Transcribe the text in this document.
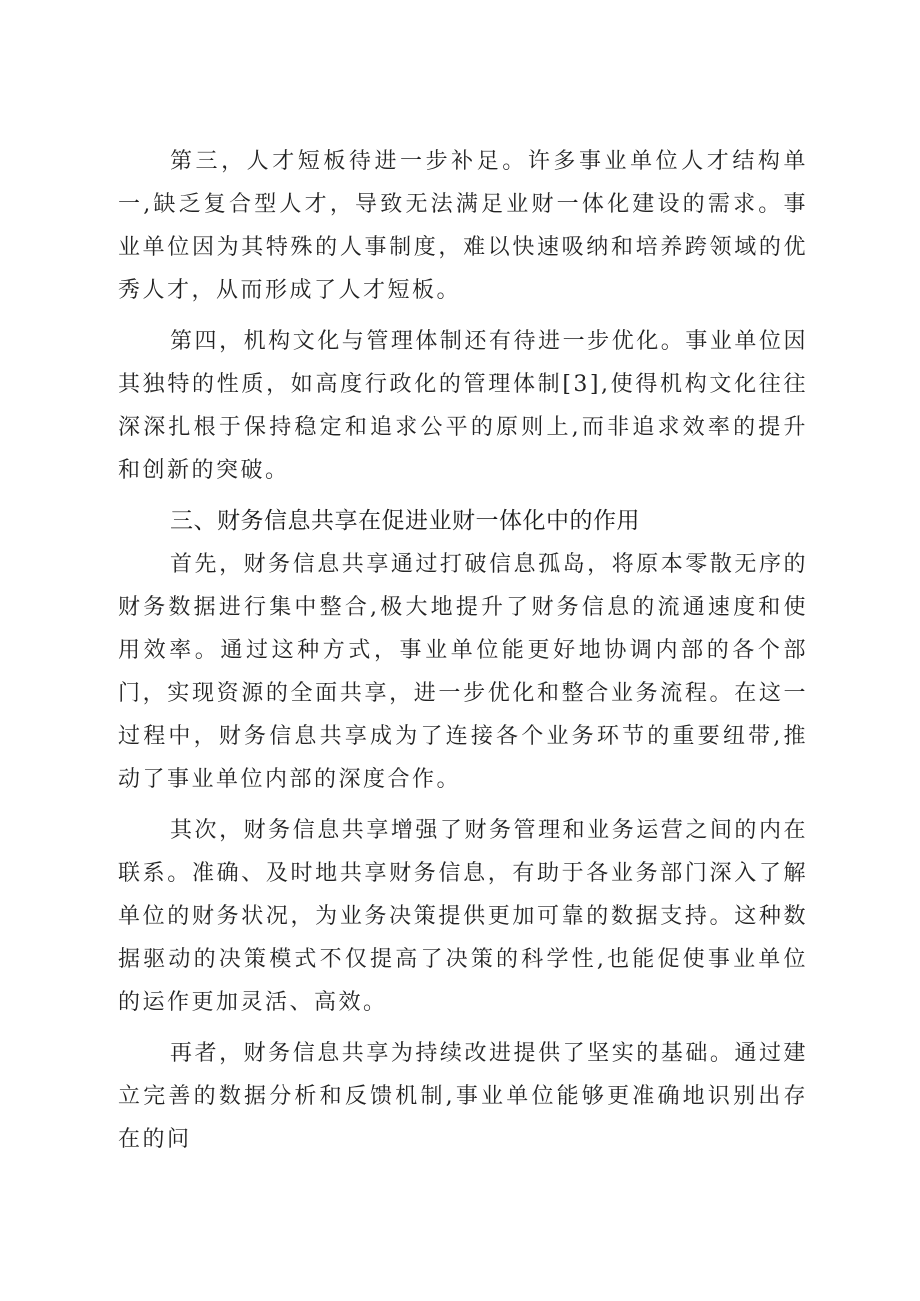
第三，人才短板待进一步补足。许多事业单位人才结构单一,缺乏复合型人才，导致无法满足业财一体化建设的需求。事业单位因为其特殊的人事制度，难以快速吸纳和培养跨领域的优秀人才，从而形成了人才短板。

第四，机构文化与管理体制还有待进一步优化。事业单位因其独特的性质，如高度行政化的管理体制[3],使得机构文化往往深深扎根于保持稳定和追求公平的原则上,而非追求效率的提升和创新的突破。

三、财务信息共享在促进业财一体化中的作用

首先，财务信息共享通过打破信息孤岛，将原本零散无序的财务数据进行集中整合,极大地提升了财务信息的流通速度和使用效率。通过这种方式，事业单位能更好地协调内部的各个部门，实现资源的全面共享，进一步优化和整合业务流程。在这一过程中，财务信息共享成为了连接各个业务环节的重要纽带,推动了事业单位内部的深度合作。

其次，财务信息共享增强了财务管理和业务运营之间的内在联系。准确、及时地共享财务信息，有助于各业务部门深入了解单位的财务状况，为业务决策提供更加可靠的数据支持。这种数据驱动的决策模式不仅提高了决策的科学性,也能促使事业单位的运作更加灵活、高效。

再者，财务信息共享为持续改进提供了坚实的基础。通过建立完善的数据分析和反馈机制,事业单位能够更准确地识别出存在的问
